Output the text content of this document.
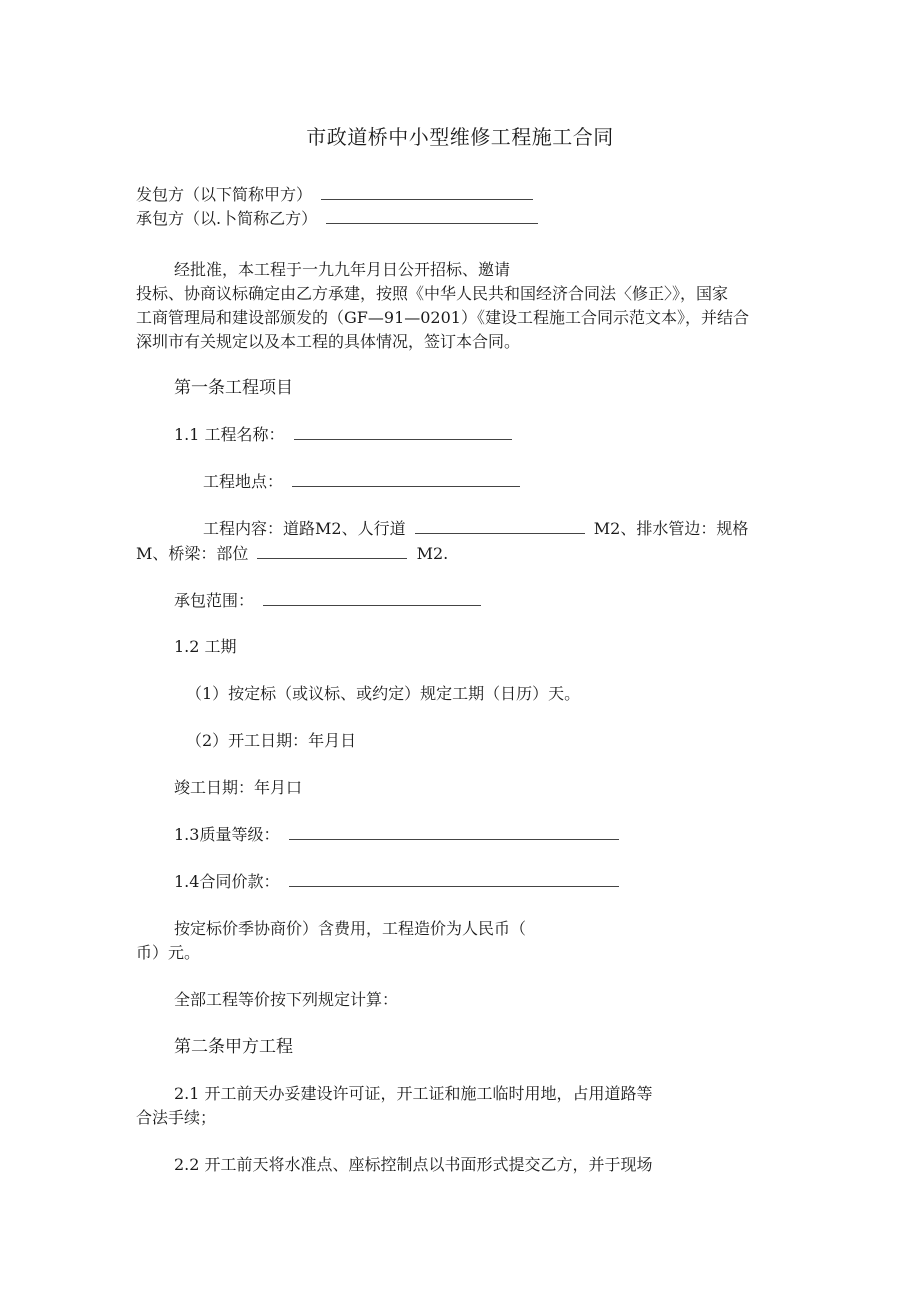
市政道桥中小型维修工程施工合同
发包方（以下简称甲方）
承包方（以.卜简称乙方）
经批准，本工程于一九九年月日公开招标、邀请
投标、协商议标确定由乙方承建，按照《中华人民共和国经济合同法〈修正〉》，国家
工商管理局和建设部颁发的（GF—91—0201）《建设工程施工合同示范文本》，并结合
深圳市有关规定以及本工程的具体情况，签订本合同。
第一条工程项目
1.1 工程名称：
工程地点：
工程内容：道路M2、人行道	M2、排水管边：规格
M、桥梁：部位	M2.
承包范围：
1.2 工期
（1）按定标（或议标、或约定）规定工期（日历）天。
（2）开工日期：年月日
竣工日期：年月口
1.3质量等级：
1.4合同价款：
按定标价季协商价）含费用，工程造价为人民币（
币）元。
全部工程等价按下列规定计算：
第二条甲方工程
2.1 开工前天办妥建设许可证，开工证和施工临时用地，占用道路等
合法手续；
2.2 开工前天将水准点、座标控制点以书面形式提交乙方，并于现场
